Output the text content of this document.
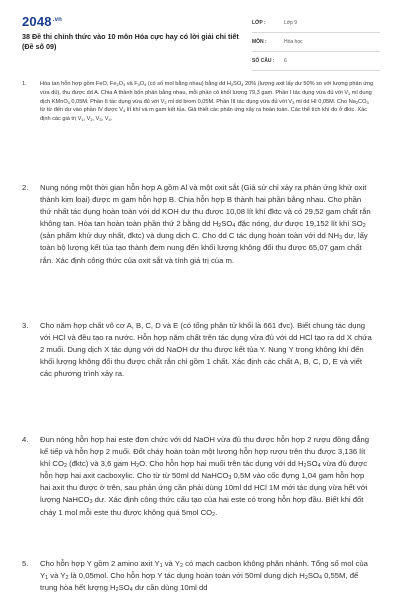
$2048^{.vn}$
38 Đề thi chính thức vào 10 môn Hóa cực hay có lời giải chi tiết (Đề số 09)
LỚP :	Lớp 9
MÔN :	Hóa học
SỐ CÂU :	6
1.	Hòa tan hỗn hợp gồm FeO, $Fe_2O_3$ và $F_3O_4$ (có số mol bằng nhau) bằng dd $H_2SO_4$ 20% (lượng axit lấy dư 50% so với lượng phản ứng vừa đủ), thu được dd A. Chia A thành bốn phần bằng nhau, mỗi phần có khối lượng 79,3 gam. Phần I tác dụng vừa đủ với $V_1$ ml dung dịch KMnO$_4$ 0,05M. Phần II tác dụng vừa đủ với $V_2$ ml dd brom 0,05M. Phần III tác dụng vừa đủ với $V_3$ ml dd HI 0,05M. Cho $Na_2CO_3$ từ từ đến dư vào phần IV được $V_4$ lít khí và m gam kết tủa. Giả thiết các phản ứng xảy ra hoàn toàn. Các thể tích khí đo ở đktc. Xác định các giá trị $V_1$, $V_2$, $V_3$, $V_4$.
2.	Nung nóng một thời gian hỗn hợp A gồm Al và một oxit sắt (Giả sử chỉ xảy ra phản ứng khử oxit thành kim loại) được m gam hỗn hợp B. Chia hỗn hợp B thành hai phần bằng nhau. Cho phần thứ nhất tác dụng hoàn toàn với dd KOH dư thu được 10,08 lít khí đktc và có 29,52 gam chất rắn không tan. Hòa tan hoàn toàn phần thứ 2 bằng dd $H_2SO_4$ đặc nóng, dư được 19,152 lít khí $SO_2$ (sản phẩm khử duy nhất, đktc) và dung dịch C. Cho dd C tác dụng hoàn toàn với dd $NH_3$ dư, lấy toàn bộ lượng kết tủa tạo thành đem nung đến khối lượng không đổi thu được 65,07 gam chất rắn. Xác định công thức của oxit sắt và tính giá trị của m.
3.	Cho năm hợp chất vô cơ A, B, C, D và E (có tổng phân tử khối là 661 đvc). Biết chung tác dụng với HCl và đều tạo ra nước. Hỗn hợp năm chất trên tác dụng vừa đủ với dd HCl tạo ra dd X chứa 2 muối. Dung dịch X tác dụng với dd NaOH dư thu được kết tủa Y. Nung Y trong không khí đến khối lượng không đổi thu được chất rắn chỉ gồm 1 chất. Xác định các chất A, B, C, D, E và viết các phương trình xảy ra.
4.	Đun nóng hỗn hợp hai este đơn chức với dd NaOH vừa đủ thu được hỗn hợp 2 rượu đồng đẳng kế tiếp và hỗn hợp 2 muối. Đốt cháy hoàn toàn một lượng hỗn hợp rượu trên thu được 3,136 lít khí $CO_2$ (đktc) và 3,6 gam $H_2O$. Cho hỗn hợp hai muối trên tác dụng với dd $H_2SO_4$ vừa đủ được hỗn hợp hai axit cacboxylic. Cho từ từ 50ml dd NaHCO$_3$ 0,5M vào cốc đựng 1,04 gam hỗn hợp hai axit thu được ở trên, sau phản ứng cần phải dùng 10ml dd HCl 1M mới tác dụng vừa hết với lượng NaHCO$_3$ dư. Xác định công thức cấu tạo của hai este có trong hỗn hợp đầu. Biết khi đốt cháy 1 mol mỗi este thu được không quá 5mol $CO_2$.
5.	Cho hỗn hợp Y gồm 2 amino axit $Y_1$ và $Y_2$ có mạch cacbon không phân nhánh. Tổng số mol của $Y_1$ và $Y_2$ là 0,05mol. Cho hỗn hợp Y tác dụng hoàn toàn với 50ml dung dịch $H_2SO_4$ 0,55M, để trung hòa hết lượng $H_2SO_4$ dư cần dùng 10ml dd
